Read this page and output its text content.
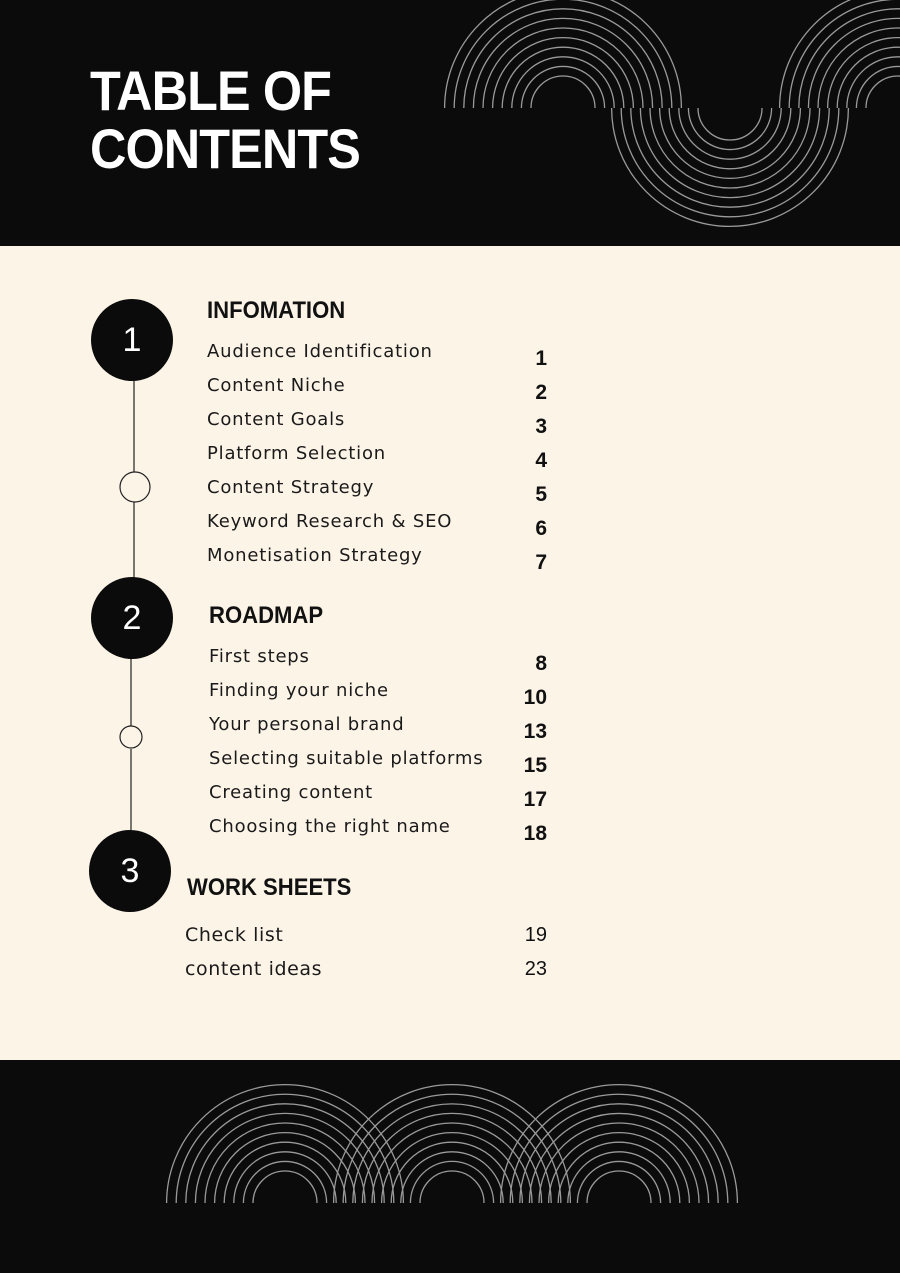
TABLE OF
CONTENTS
1
INFOMATION
Audience Identification	1
Content Niche	2
Content Goals	3
Platform Selection	4
Content Strategy	5
Keyword Research & SEO	6
Monetisation Strategy	7
2	ROADMAP
First steps	8
Finding your niche	10
Your personal brand	13
Selecting suitable platforms	15
Creating content	17
Choosing the right name	18
3	WORK SHEETS
Check list	19
content ideas	23
